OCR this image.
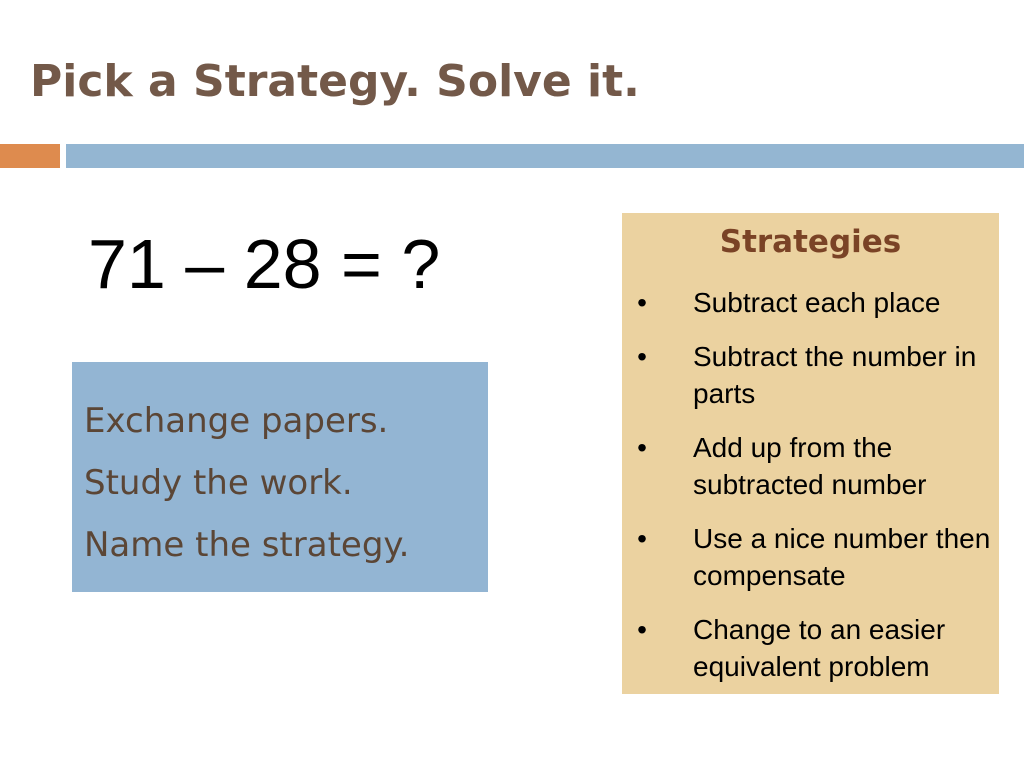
Pick a Strategy. Solve it.
71 – 28 = ?
Exchange papers.
Study the work.
Name the strategy.
Strategies
• Subtract each place
• Subtract the number in parts
• Add up from the subtracted number
• Use a nice number then compensate
• Change to an easier equivalent problem
